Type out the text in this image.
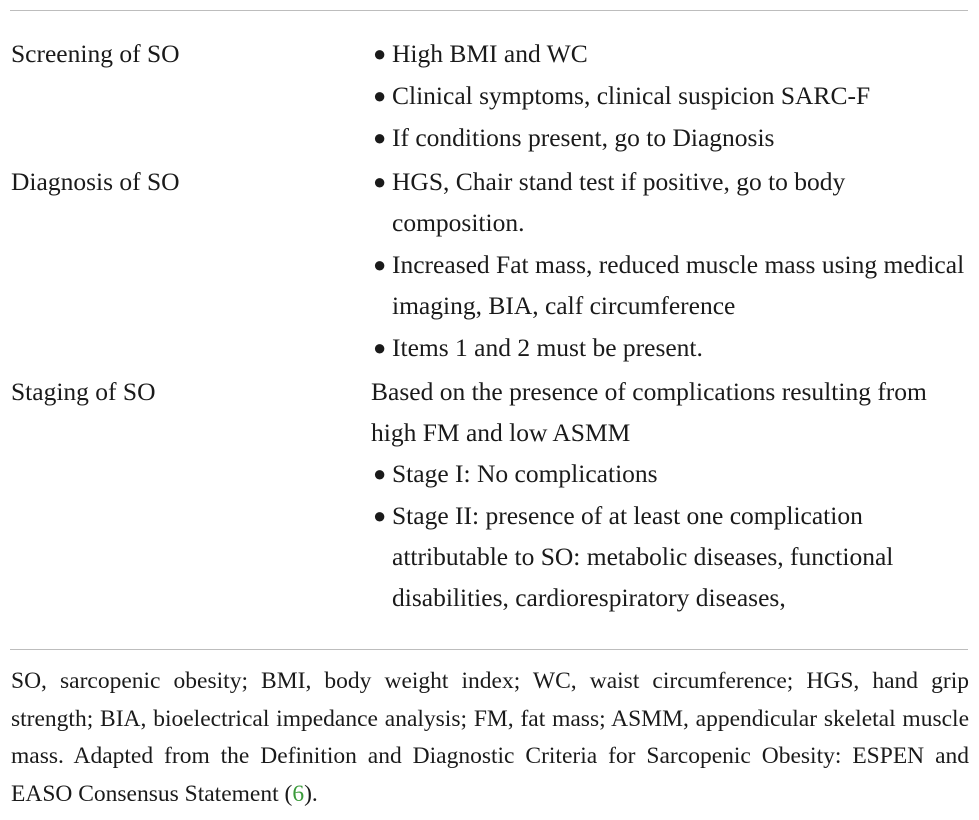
Screening of SO	● High BMI and WC
● Clinical symptoms, clinical suspicion SARC-F
● If conditions present, go to Diagnosis
Diagnosis of SO	● HGS, Chair stand test if positive, go to body composition.
● Increased Fat mass, reduced muscle mass using medical imaging, BIA, calf circumference
● Items 1 and 2 must be present.
Staging of SO	Based on the presence of complications resulting from high FM and low ASMM
● Stage I: No complications
● Stage II: presence of at least one complication attributable to SO: metabolic diseases, functional disabilities, cardiorespiratory diseases,

SO, sarcopenic obesity; BMI, body weight index; WC, waist circumference; HGS, hand grip strength; BIA, bioelectrical impedance analysis; FM, fat mass; ASMM, appendicular skeletal muscle mass. Adapted from the Definition and Diagnostic Criteria for Sarcopenic Obesity: ESPEN and EASO Consensus Statement (6).
